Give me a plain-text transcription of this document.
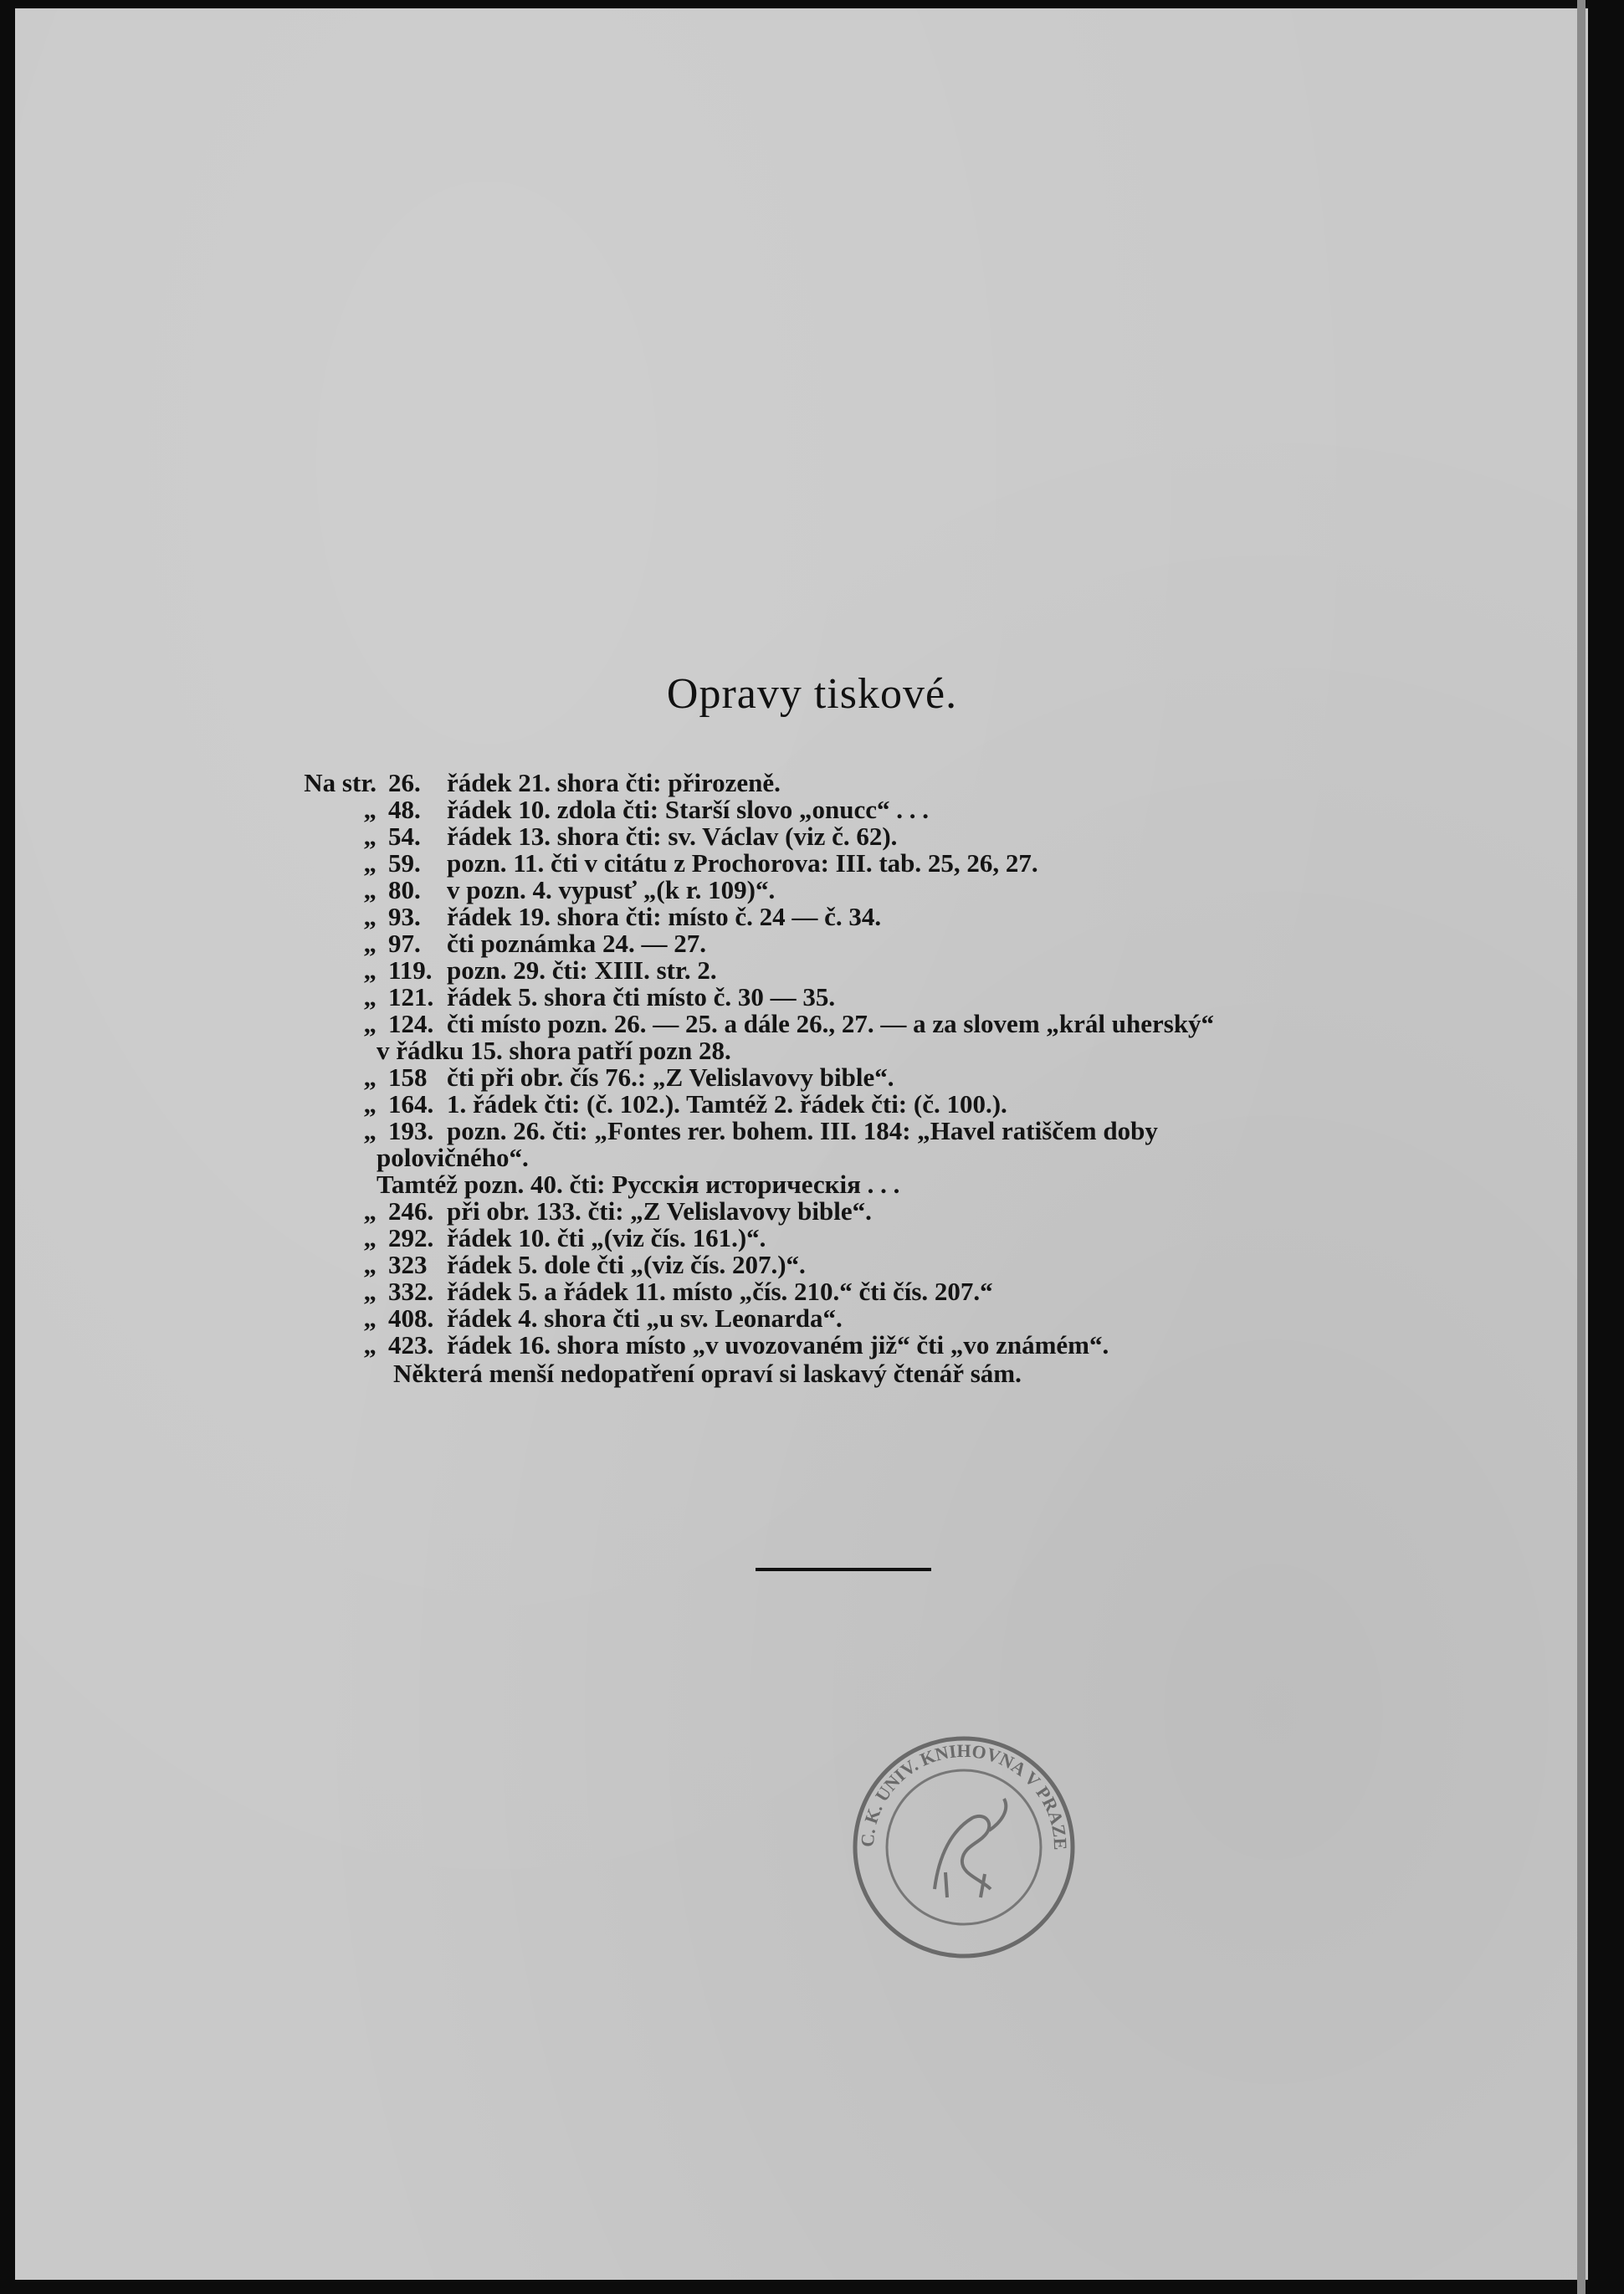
Opravy tiskové.
Na str. 26. řádek 21. shora čti: přirozeně.
„ 48. řádek 10. zdola čti: Starší slovo „onucc“ . . .
„ 54. řádek 13. shora čti: sv. Václav (viz č. 62).
„ 59. pozn. 11. čti v citátu z Prochorova: III. tab. 25, 26, 27.
„ 80. v pozn. 4. vypusť „(k r. 109)“.
„ 93. řádek 19. shora čti: místo č. 24 — č. 34.
„ 97. čti poznámka 24. — 27.
„ 119. pozn. 29. čti: XIII. str. 2.
„ 121. řádek 5. shora čti místo č. 30 — 35.
„ 124. čti místo pozn. 26. — 25. a dále 26., 27. — a za slovem „král uherský“
v řádku 15. shora patří pozn 28.
„ 158 čti při obr. čís 76.: „Z Velislavovy bible“.
„ 164. 1. řádek čti: (č. 102.). Tamtéž 2. řádek čti: (č. 100.).
„ 193. pozn. 26. čti: „Fontes rer. bohem. III. 184: „Havel ratiščem doby
polovičného“.
Tamtéž pozn. 40. čti: Русскія историческія . . .
„ 246. při obr. 133. čti: „Z Velislavovy bible“.
„ 292. řádek 10. čti „(viz čís. 161.)“.
„ 323 řádek 5. dole čti „(viz čís. 207.)“.
„ 332. řádek 5. a řádek 11. místo „čís. 210.“ čti čís. 207.“
„ 408. řádek 4. shora čti „u sv. Leonarda“.
„ 423. řádek 16. shora místo „v uvozovaném již“ čti „vo známém“.
Některá menší nedopatření opraví si laskavý čtenář sám.
C. K. UNIV. KNIHOVNA V PRAZE
